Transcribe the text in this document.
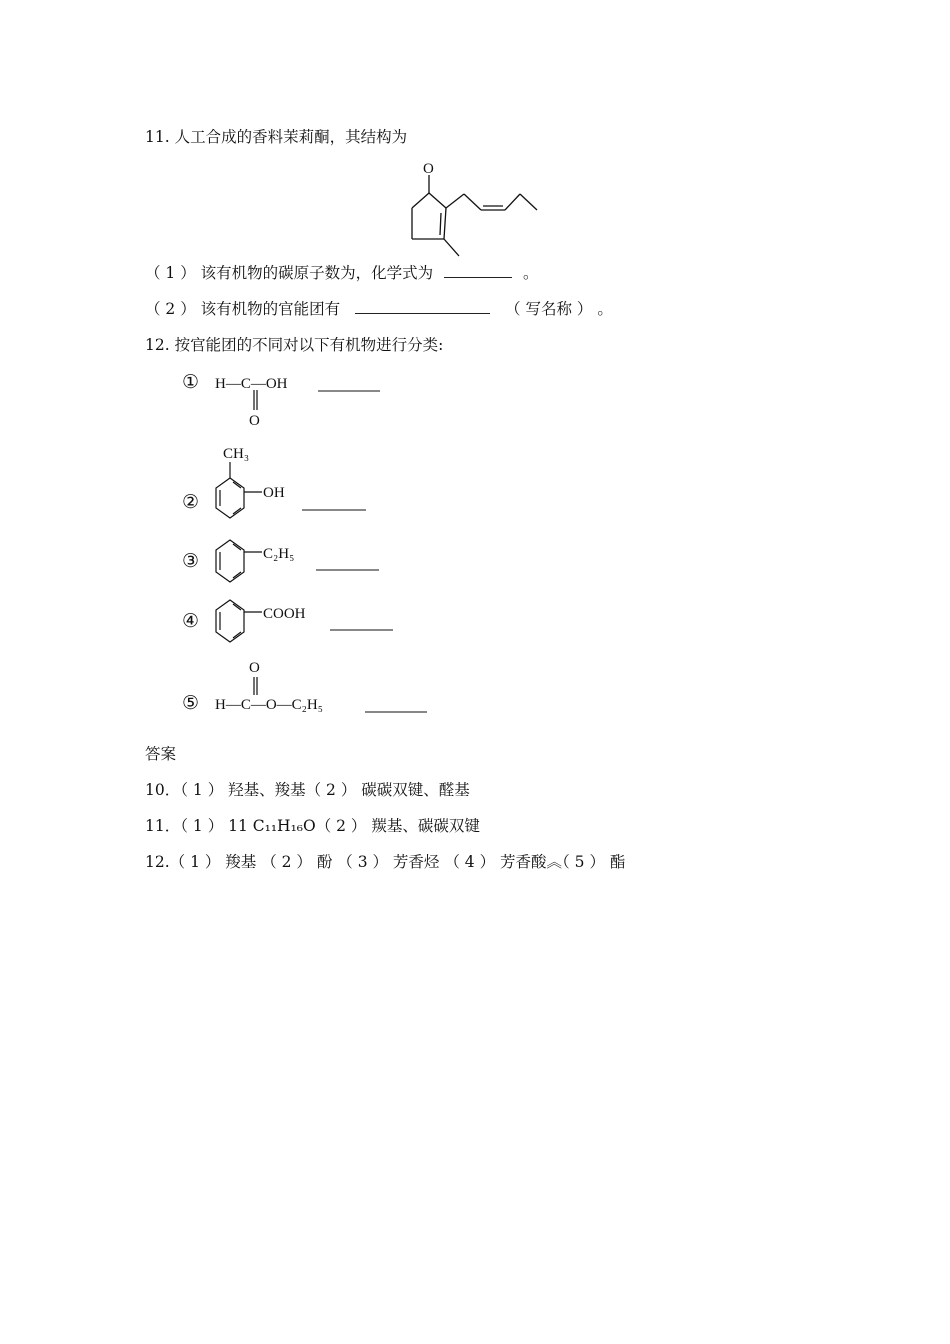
11. 人工合成的香料茉莉酮，其结构为
O
（ 1 ） 该有机物的碳原子数为，化学式为	。
（ 2 ） 该有机物的官能团有	（ 写名称 ） 。
12. 按官能团的不同对以下有机物进行分类:
① H—C—OH
O
CH₃
②	OH
③	C₂H₅
④	COOH
O
⑤ H—C—O—C₂H₅
答案
10．（ 1 ） 羟基、羧基（ 2 ） 碳碳双键、醛基
11．（ 1 ） 11 C₁₁H₁₆O（ 2 ） 羰基、碳碳双键
12.（ 1 ） 羧基 （ 2 ） 酚 （ 3 ） 芳香烃 （ 4 ） 芳香酸︽（ 5 ） 酯
